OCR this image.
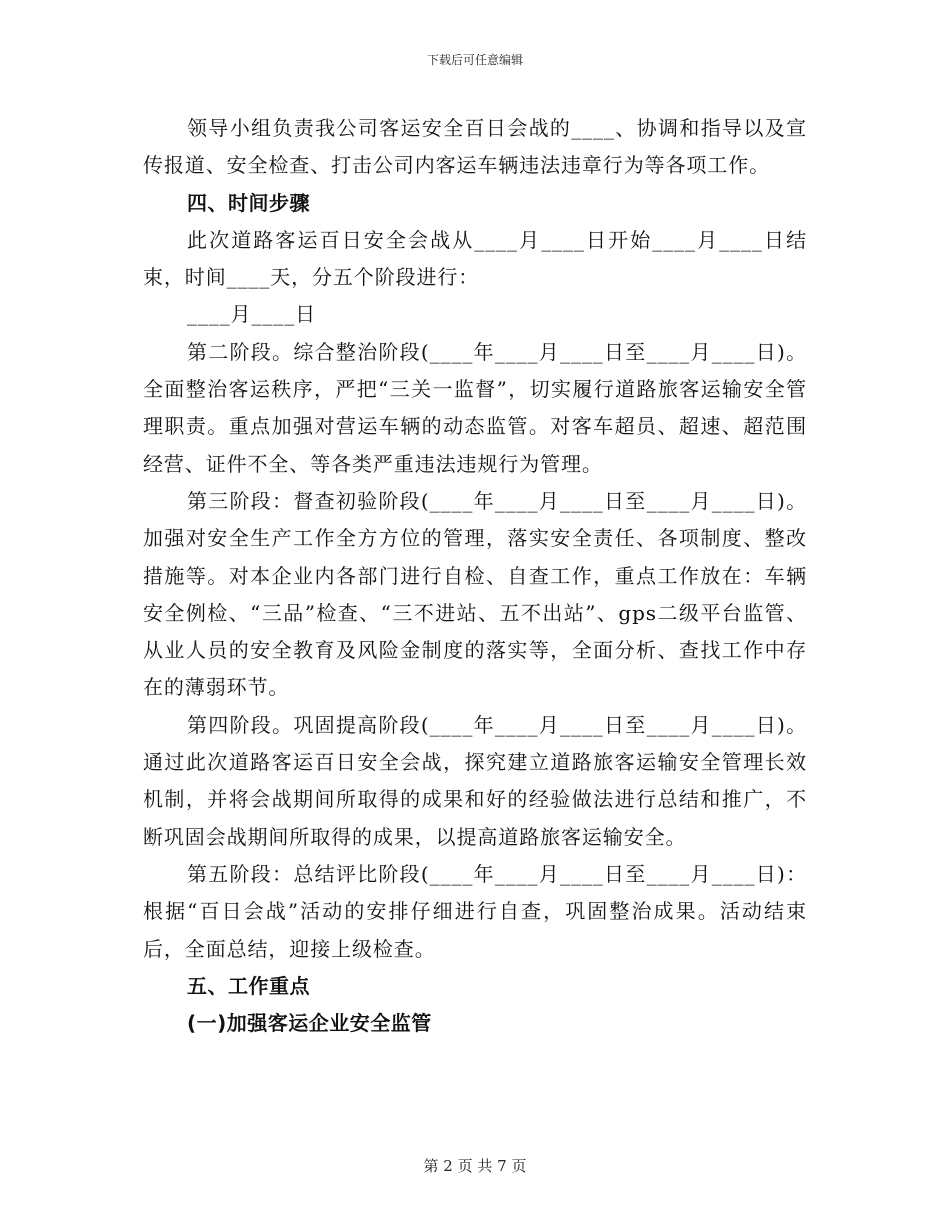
下载后可任意编辑

领导小组负责我公司客运安全百日会战的____、协调和指导以及宣传报道、安全检查、打击公司内客运车辆违法违章行为等各项工作。

四、时间步骤

此次道路客运百日安全会战从____月____日开始____月____日结束，时间____天，分五个阶段进行：

____月____日

第二阶段。综合整治阶段(____年____月____日至____月____日)。全面整治客运秩序，严把“三关一监督”，切实履行道路旅客运输安全管理职责。重点加强对营运车辆的动态监管。对客车超员、超速、超范围经营、证件不全、等各类严重违法违规行为管理。

第三阶段：督查初验阶段(____年____月____日至____月____日)。加强对安全生产工作全方方位的管理，落实安全责任、各项制度、整改措施等。对本企业内各部门进行自检、自查工作，重点工作放在：车辆安全例检、“三品”检查、“三不进站、五不出站”、gps二级平台监管、从业人员的安全教育及风险金制度的落实等，全面分析、查找工作中存在的薄弱环节。

第四阶段。巩固提高阶段(____年____月____日至____月____日)。通过此次道路客运百日安全会战，探究建立道路旅客运输安全管理长效机制，并将会战期间所取得的成果和好的经验做法进行总结和推广，不断巩固会战期间所取得的成果，以提高道路旅客运输安全。

第五阶段：总结评比阶段(____年____月____日至____月____日)：根据“百日会战”活动的安排仔细进行自查，巩固整治成果。活动结束后，全面总结，迎接上级检查。

五、工作重点

(一)加强客运企业安全监管

第 2 页 共 7 页
